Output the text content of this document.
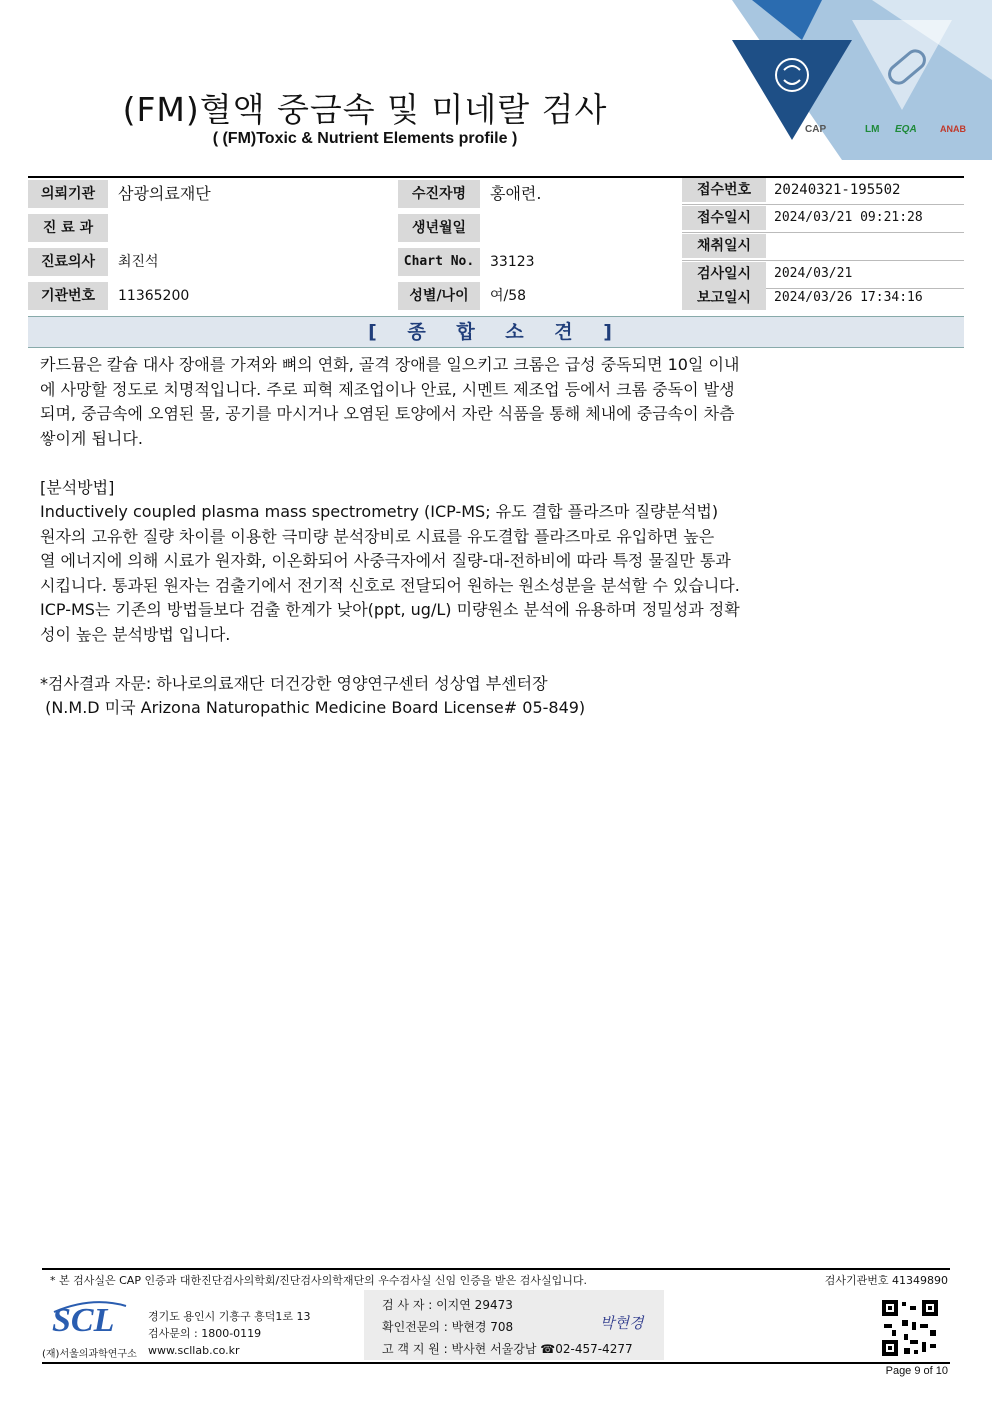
CAP	LM EQA	ANAB
(FM)혈액 중금속 및 미네랄 검사
( (FM)Toxic & Nutrient Elements profile )
의뢰기관	삼광의료재단
진 료 과
진료의사	최진석
기관번호	11365200
수진자명	홍애련.
생년월일
Chart No.	33123
성별/나이	여/58
접수번호	20240321-195502
접수일시	2024/03/21 09:21:28
채취일시
검사일시	2024/03/21
보고일시	2024/03/26 17:34:16
[ 종 합 소 견 ]

카드뮴은 칼슘 대사 장애를 가져와 뼈의 연화, 골격 장애를 일으키고 크롬은 급성 중독되면 10일 이내

에 사망할 정도로 치명적입니다. 주로 피혁 제조업이나 안료, 시멘트 제조업 등에서 크롬 중독이 발생

되며, 중금속에 오염된 물, 공기를 마시거나 오염된 토양에서 자란 식품을 통해 체내에 중금속이 차츰

쌓이게 됩니다.

[분석방법]

Inductively coupled plasma mass spectrometry (ICP-MS; 유도 결합 플라즈마 질량분석법)

원자의 고유한 질량 차이를 이용한 극미량 분석장비로 시료를 유도결합 플라즈마로 유입하면 높은

열 에너지에 의해 시료가 원자화, 이온화되어 사중극자에서 질량-대-전하비에 따라 특정 물질만 통과

시킵니다. 통과된 원자는 검출기에서 전기적 신호로 전달되어 원하는 원소성분을 분석할 수 있습니다.

ICP-MS는 기존의 방법들보다 검출 한계가 낮아(ppt, ug/L) 미량원소 분석에 유용하며 정밀성과 정확

성이 높은 분석방법 입니다.

*검사결과 자문: 하나로의료재단 더건강한 영양연구센터 성상엽 부센터장

(N.M.D 미국 Arizona Naturopathic Medicine Board License# 05-849)

* 본 검사실은 CAP 인증과 대한진단검사의학회/진단검사의학재단의 우수검사실 신임 인증을 받은 검사실입니다.	검사기관번호 41349890
SCL
(재)서울의과학연구소
경기도 용인시 기흥구 흥덕1로 13
검사문의 : 1800-0119
www.scllab.co.kr
검 사 자 : 이지연 29473
확인전문의 : 박현경 708
고 객 지 원 : 박사현 서울강남 ☎02-457-4277
박현경
Page 9 of 10
